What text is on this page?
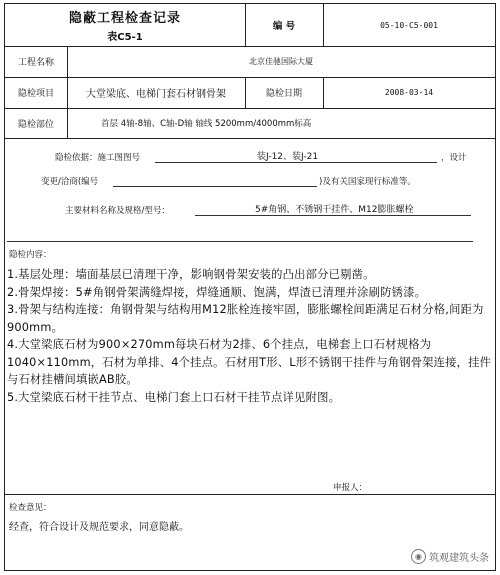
隐蔽工程检查记录
表C5-1
编 号	05-10-C5-001
工程名称	北京佳驰国际大厦
隐检项目	大堂梁底、电梯门套石材钢骨架	隐检日期	2008-03-14
隐检部位	首层 4轴-8轴、C轴-D轴 轴线 5200mm/4000mm标高
隐检依据：施工图图号	装J-12、装J-21	，设计
变更/洽商(编号	)及有关国家现行标准等。
主要材料名称及规格/型号：	5#角钢、不锈钢干挂件、M12膨胀螺栓
隐检内容：

1.基层处理：墙面基层已清理干净，影响钢骨架安装的凸出部分已剔凿。

2.骨架焊接：5#角钢骨架满缝焊接，焊缝通顺、饱满，焊渣已清理并涂刷防锈漆。

3.骨架与结构连接：角钢骨架与结构用M12胀栓连接牢固，膨胀螺栓间距满足石材分格,间距为900mm。

4.大堂梁底石材为900×270mm每块石材为2排、6个挂点，电梯套上口石材规格为1040×110mm，石材为单排、4个挂点。石材用T形、L形不锈钢干挂件与角钢骨架连接，挂件与石材挂槽间填嵌AB胶。

5.大堂梁底石材干挂节点、电梯门套上口石材干挂节点详见附图。

申报人：
检查意见：
经查，符合设计及规范要求，同意隐蔽。
◉ 筑观建筑头条
